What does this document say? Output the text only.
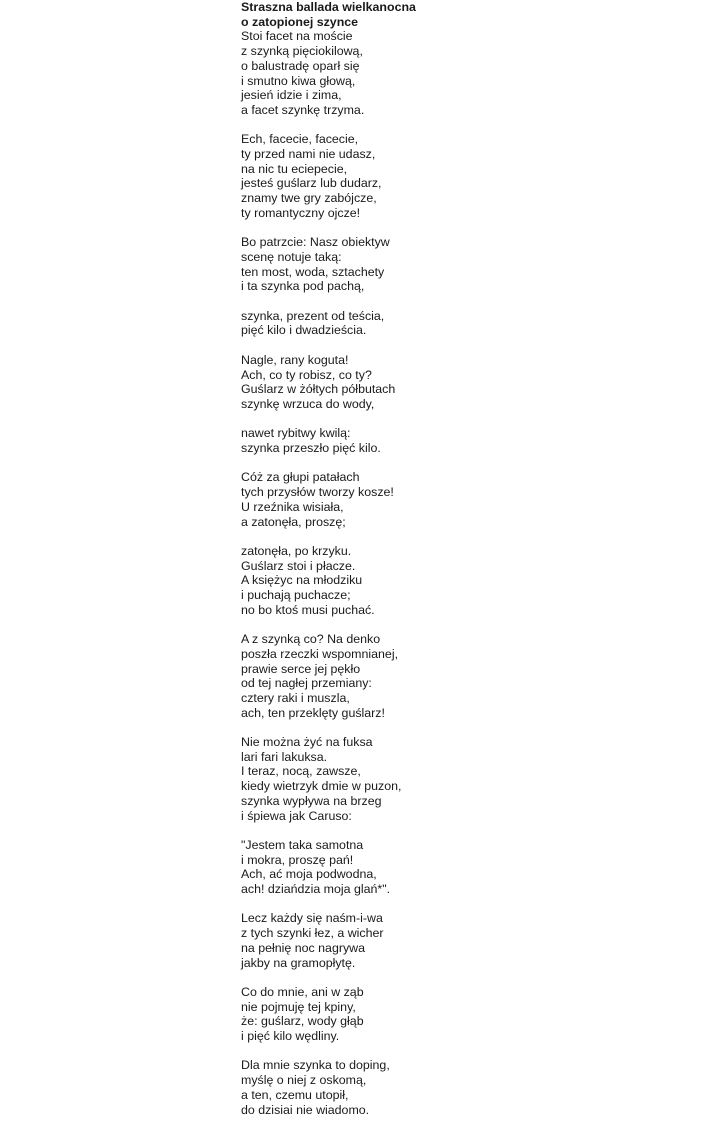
Straszna ballada wielkanocna
o zatopionej szynce
Stoi facet na moście
z szynką pięciokilową,
o balustradę oparł się
i smutno kiwa głową,
jesień idzie i zima,
a facet szynkę trzyma.
Ech, facecie, facecie,
ty przed nami nie udasz,
na nic tu eciepecie,
jesteś guślarz lub dudarz,
znamy twe gry zabójcze,
ty romantyczny ojcze!
Bo patrzcie: Nasz obiektyw
scenę notuje taką:
ten most, woda, sztachety
i ta szynka pod pachą,
szynka, prezent od teścia,
pięć kilo i dwadzieścia.
Nagle, rany koguta!
Ach, co ty robisz, co ty?
Guślarz w żółtych półbutach
szynkę wrzuca do wody,
nawet rybitwy kwilą:
szynka przeszło pięć kilo.
Cóż za głupi patałach
tych przysłów tworzy kosze!
U rzeźnika wisiała,
a zatonęła, proszę;
zatonęła, po krzyku.
Guślarz stoi i płacze.
A księżyc na młodziku
i puchają puchacze;
no bo ktoś musi puchać.
A z szynką co? Na denko
poszła rzeczki wspomnianej,
prawie serce jej pękło
od tej nagłej przemiany:
cztery raki i muszla,
ach, ten przeklęty guślarz!
Nie można żyć na fuksa
lari fari lakuksa.
I teraz, nocą, zawsze,
kiedy wietrzyk dmie w puzon,
szynka wypływa na brzeg
i śpiewa jak Caruso:
"Jestem taka samotna
i mokra, proszę pań!
Ach, ać moja podwodna,
ach! dziańdzia moja glań*".
Lecz każdy się naśm-i-wa
z tych szynki łez, a wicher
na pełnię noc nagrywa
jakby na gramopłytę.
Co do mnie, ani w ząb
nie pojmuję tej kpiny,
że: guślarz, wody głąb
i pięć kilo wędliny.
Dla mnie szynka to doping,
myślę o niej z oskomą,
a ten, czemu utopił,
do dzisiai nie wiadomo.
